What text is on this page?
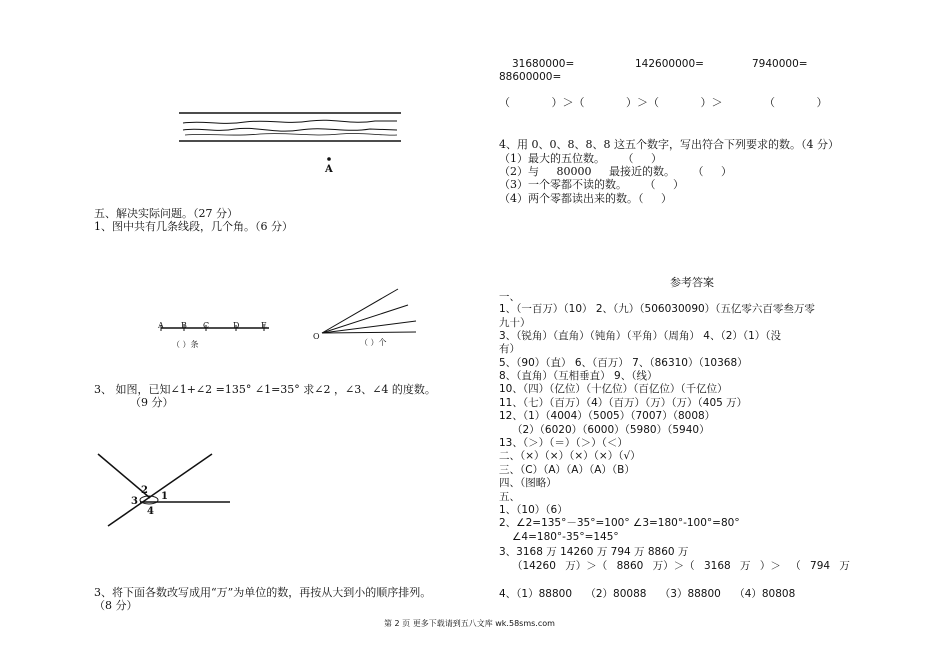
A
五、解决实际问题。（27 分）
1、图中共有几条线段，几个角。（6 分）
A B C	D	E
（ ）条
O
（ ）个
3、 如图，已知∠1+∠2 =135° ∠1=35° 求∠2 ，∠3、∠4 的度数。
（9 分）
2
1
3
4
3、将下面各数改写成用“万”为单位的数，再按从大到小的顺序排列。
（8 分）
31680000=	142600000=	7940000=
88600000=
（ ）＞（ ）＞（ ）＞ （ ）
4、用 0、0、8、8、8 这五个数字，写出符合下列要求的数。（4 分）
（1）最大的五位数。 （ ）
（2）与 80000 最接近的数。 （ ）
（3）一个零都不读的数。 （ ）
（4）两个零都读出来的数。（ ）
参考答案
一、
1、（一百万）（10） 2、（九）（506030090）（五亿零六百零叁万零
九十）
3、（锐角）（直角）（钝角）（平角）（周角） 4、（2）（1）（没
有）
5、（90）（直） 6、（百万） 7、（86310）（10368）
8、（直角）（互相垂直） 9、（线）
10、（四）（亿位）（十亿位）（百亿位）（千亿位）
11、（七）（百万）（4）（百万）（万）（万）（405 万）
12、（1）（4004）（5005）（7007）（8008）
（2）（6020）（6000）（5980）（5940）
13、（＞）（＝）（＞）（＜）
二、（×）（×）（×）（×）（√）
三、（C）（A）（A）（A）（B）
四、（图略）
五、
1、（10）（6）
2、∠2=135°－35°=100° ∠3=180°-100°=80°
∠4=180°-35°=145°
3、3168 万 14260 万 794 万 8860 万
（14260 万）＞（ 8860 万）＞（ 3168 万 ）＞ （ 794 万
4、（1）88800 （2）80088 （3）88800 （4）80808
第 2 页 更多下载请到五八文库 wk.58sms.com
